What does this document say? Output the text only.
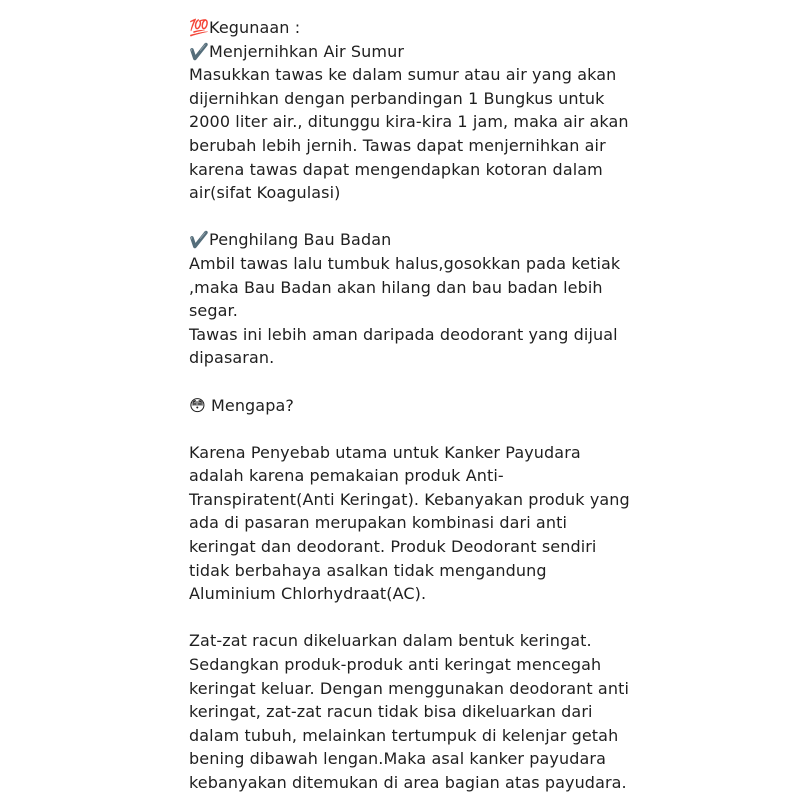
💯Kegunaan :
✔️Menjernihkan Air Sumur
Masukkan tawas ke dalam sumur atau air yang akan
dijernihkan dengan perbandingan 1 Bungkus untuk
2000 liter air., ditunggu kira-kira 1 jam, maka air akan
berubah lebih jernih. Tawas dapat menjernihkan air
karena tawas dapat mengendapkan kotoran dalam
air(sifat Koagulasi)
✔️Penghilang Bau Badan
Ambil tawas lalu tumbuk halus,gosokkan pada ketiak
,maka Bau Badan akan hilang dan bau badan lebih
segar.
Tawas ini lebih aman daripada deodorant yang dijual
dipasaran.
😳 Mengapa?
Karena Penyebab utama untuk Kanker Payudara
adalah karena pemakaian produk Anti-
Transpiratent(Anti Keringat). Kebanyakan produk yang
ada di pasaran merupakan kombinasi dari anti
keringat dan deodorant. Produk Deodorant sendiri
tidak berbahaya asalkan tidak mengandung
Aluminium Chlorhydraat(AC).
Zat-zat racun dikeluarkan dalam bentuk keringat.
Sedangkan produk-produk anti keringat mencegah
keringat keluar. Dengan menggunakan deodorant anti
keringat, zat-zat racun tidak bisa dikeluarkan dari
dalam tubuh, melainkan tertumpuk di kelenjar getah
bening dibawah lengan.Maka asal kanker payudara
kebanyakan ditemukan di area bagian atas payudara.
